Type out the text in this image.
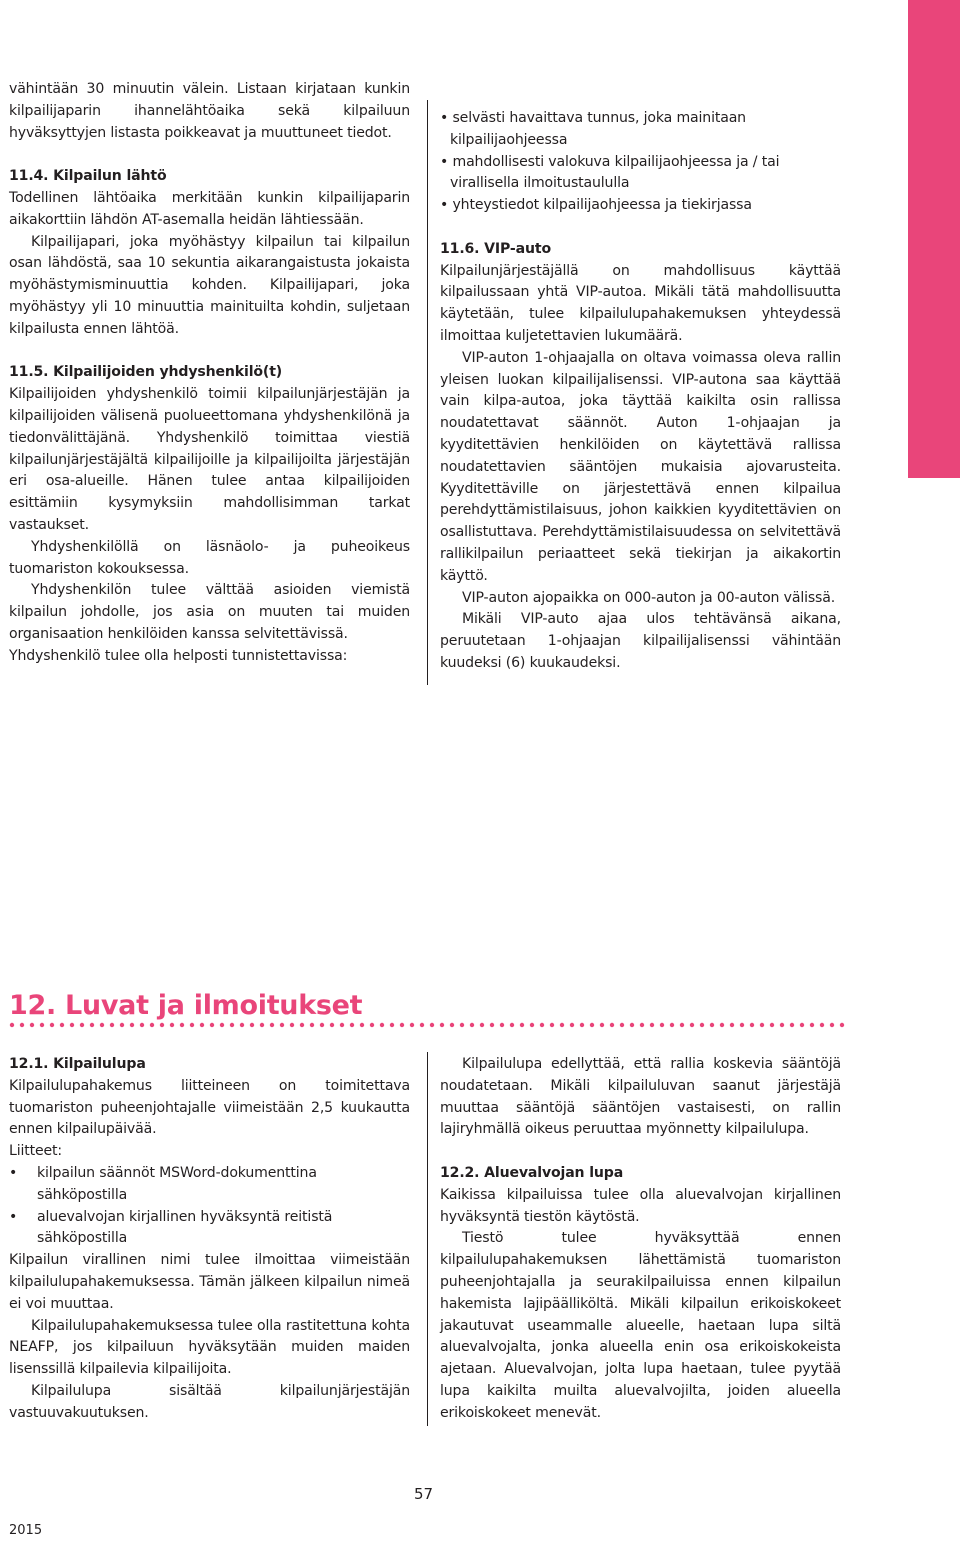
vähintään 30 minuutin välein. Listaan kirjataan kunkin kilpailijaparin ihannelähtöaika sekä kilpailuun hyväksyttyjen listasta poikkeavat ja muuttuneet tiedot.

11.4. Kilpailun lähtö

Todellinen lähtöaika merkitään kunkin kilpailijaparin aikakorttiin lähdön AT-asemalla heidän lähtiessään.

Kilpailijapari, joka myöhästyy kilpailun tai kilpailun osan lähdöstä, saa 10 sekuntia aikarangaistusta jokaista myöhästymisminuuttia kohden. Kilpailijapari, joka myöhästyy yli 10 minuuttia mainituilta kohdin, suljetaan kilpailusta ennen lähtöä.

11.5. Kilpailijoiden yhdyshenkilö(t)

Kilpailijoiden yhdyshenkilö toimii kilpailunjärjestäjän ja kilpailijoiden välisenä puolueettomana yhdyshenkilönä ja tiedonvälittäjänä. Yhdyshenkilö toimittaa viestiä kilpailunjärjestäjältä kilpailijoille ja kilpailijoilta järjestäjän eri osa-alueille. Hänen tulee antaa kilpailijoiden esittämiin kysymyksiin mahdollisimman tarkat vastaukset.

Yhdyshenkilöllä on läsnäolo- ja puheoikeus tuomariston kokouksessa.

Yhdyshenkilön tulee välttää asioiden viemistä kilpailun johdolle, jos asia on muuten tai muiden organisaation henkilöiden kanssa selvitettävissä.

Yhdyshenkilö tulee olla helposti tunnistettavissa:

• selvästi havaittava tunnus, joka mainitaan kilpailijaohjeessa

• mahdollisesti valokuva kilpailijaohjeessa ja / tai virallisella ilmoitustaululla

• yhteystiedot kilpailijaohjeessa ja tiekirjassa

11.6. VIP-auto

Kilpailunjärjestäjällä on mahdollisuus käyttää kilpailussaan yhtä VIP-autoa. Mikäli tätä mahdollisuutta käytetään, tulee kilpailulupahakemuksen yhteydessä ilmoittaa kuljetettavien lukumäärä.

VIP-auton 1-ohjaajalla on oltava voimassa oleva rallin yleisen luokan kilpailijalisenssi. VIP-autona saa käyttää vain kilpa-autoa, joka täyttää kaikilta osin rallissa noudatettavat säännöt. Auton 1-ohjaajan ja kyyditettävien henkilöiden on käytettävä rallissa noudatettavien sääntöjen mukaisia ajovarusteita. Kyyditettäville on järjestettävä ennen kilpailua perehdyttämistilaisuus, johon kaikkien kyyditettävien on osallistuttava. Perehdyttämistilaisuudessa on selvitettävä rallikilpailun periaatteet sekä tiekirjan ja aikakortin käyttö.

VIP-auton ajopaikka on 000-auton ja 00-auton välissä.

Mikäli VIP-auto ajaa ulos tehtävänsä aikana, peruutetaan 1-ohjaajan kilpailijalisenssi vähintään kuudeksi (6) kuukaudeksi.

12. Luvat ja ilmoitukset

12.1. Kilpailulupa

Kilpailulupahakemus liitteineen on toimitettava tuomariston puheenjohtajalle viimeistään 2,5 kuukautta ennen kilpailupäivää.

Liitteet:

• kilpailun säännöt MSWord-dokumenttina sähköpostilla

• aluevalvojan kirjallinen hyväksyntä reitistä sähköpostilla

Kilpailun virallinen nimi tulee ilmoittaa viimeistään kilpailulupahakemuksessa. Tämän jälkeen kilpailun nimeä ei voi muuttaa.

Kilpailulupahakemuksessa tulee olla rastitettuna kohta NEAFP, jos kilpailuun hyväksytään muiden maiden lisenssillä kilpailevia kilpailijoita.

Kilpailulupa sisältää kilpailunjärjestäjän vastuuvakuutuksen.

Kilpailulupa edellyttää, että rallia koskevia sääntöjä noudatetaan. Mikäli kilpailuluvan saanut järjestäjä muuttaa sääntöjä sääntöjen vastaisesti, on rallin lajiryhmällä oikeus peruuttaa myönnetty kilpailulupa.

12.2. Aluevalvojan lupa

Kaikissa kilpailuissa tulee olla aluevalvojan kirjallinen hyväksyntä tiestön käytöstä.

Tiestö tulee hyväksyttää ennen kilpailulupahakemuksen lähettämistä tuomariston puheenjohtajalla ja seurakilpailuissa ennen kilpailun hakemista lajipäälliköltä. Mikäli kilpailun erikoiskokeet jakautuvat useammalle alueelle, haetaan lupa siltä aluevalvojalta, jonka alueella enin osa erikoiskokeista ajetaan. Aluevalvojan, jolta lupa haetaan, tulee pyytää lupa kaikilta muilta aluevalvojilta, joiden alueella erikoiskokeet menevät.

57
2015
